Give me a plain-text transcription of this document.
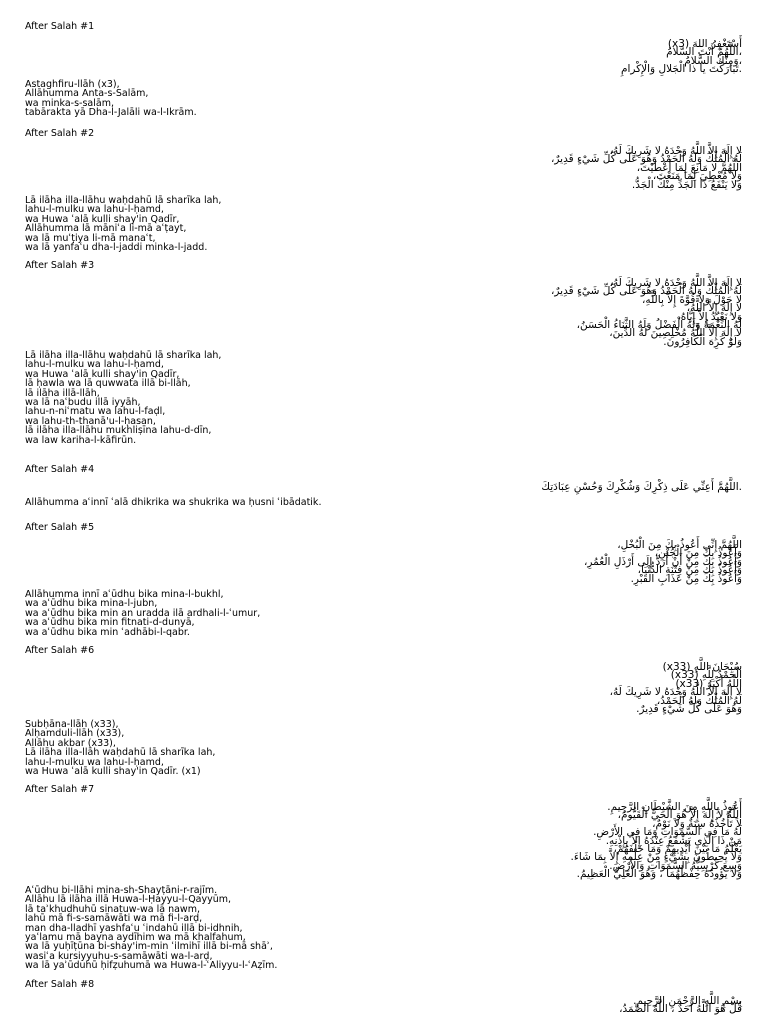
After Salah #1
أَسْتَغْفِرُ اللهَ (x3)
،اللَّهُمَّ أَنْتَ السَّلامُ
،وَمِنْكَ السَّلامُ
.تَبارَكْتَ يا ذا الْجَلالِ وَالْإِكْرامِ
Astaghfiru-llāh (x3),
Allāhumma Anta-s-Salām,
wa minka-s-salām,
tabārakta yā Dha-l-Jalāli wa-l-Ikrām.
After Salah #2
لا إِلَهَ إِلاَّ اللَّهُ وَحْدَهُ لا شَرِيكَ لَهُ،
لَهُ الْمُلْكُ وَلَهُ الْحَمْدُ وَهُوَ عَلَى كُلِّ شَيْءٍ قَدِيرٌ،
اللَّهُمَّ لا مَانِعَ لِمَا أَعْطَيْتَ،
وَلا مُعْطِيَ لِمَا مَنَعْتَ،
وَلا يَنْفَعُ ذَا الْجَدِّ مِنْكَ الْجَدُّ.
Lā ilāha illa-llāhu waḥdahū lā sharīka lah,
lahu-l-mulku wa lahu-l-ḥamd,
wa Huwa ʿalā kulli shay'in Qadīr,
Allāhumma lā māniʿa li-mā aʿṭayt,
wa lā muʿṭiya li-mā manaʿt,
wa lā yanfaʿu dha-l-jaddi minka-l-jadd.
After Salah #3
لا إِلَهَ إِلاَّ اللَّهُ وَحْدَهُ لا شَرِيكَ لَهُ،
لَهُ الْمُلْكُ وَلَهُ الْحَمْدُ وَهُوَ عَلَى كُلِّ شَيْءٍ قَدِيرٌ،
لا حَوْلَ وَلا قُوَّةَ إِلاَّ بِاللَّهِ،
لا إِلَهَ إِلاَّ اللَّهُ،
وَلا نَعْبُدُ إِلاَّ إِيَّاهُ،
لَهُ النِّعْمَةُ وَلَهُ الْفَضْلُ وَلَهُ الثَّنَاءُ الْحَسَنُ،
لا إِلَهَ إِلاَّ اللَّهُ مُخْلِصِينَ لَهُ الدِّينَ،
وَلَوْ كَرِهَ الْكَافِرُونَ.
Lā ilāha illa-llāhu waḥdahū lā sharīka lah,
lahu-l-mulku wa lahu-l-ḥamd,
wa Huwa ʿalā kulli shay'in Qadīr,
lā ḥawla wa lā quwwata illā bi-llāh,
lā ilāha illā-llāh,
wa lā naʿbudu illā iyyāh,
lahu-n-niʿmatu wa lahu-l-faḍl,
wa lahu-th-thanā'u-l-ḥasan,
lā ilāha illa-llāhu mukhliṣīna lahu-d-dīn,
wa law kariha-l-kāfirūn.
After Salah #4
.اللَّهُمَّ أَعِنِّي عَلَى ذِكْرِكَ وَشُكْرِكَ وَحُسْنِ عِبَادَتِكَ
Allāhumma aʿinnī ʿalā dhikrika wa shukrika wa ḥusni ʿibādatik.
After Salah #5
اللَّهُمَّ إِنِّي أَعُوذُ بِكَ مِنَ الْبُخْلِ،
وَأَعُوذُ بِكَ مِنَ الْجُبْنِ،
وَأَعُوذُ بِكَ مِنْ أَنْ أُرَدَّ إِلَى أَرْذَلِ الْعُمُرِ،
وَأَعُوذُ بِكَ مِنْ فِتْنَةِ الدُّنْيَا،
وَأَعُوذُ بِكَ مِنْ عَذَابِ الْقَبْرِ.
Allāhumma innī aʿūdhu bika mina-l-bukhl,
wa aʿūdhu bika mina-l-jubn,
wa aʿūdhu bika min an uradda ilā ardhali-l-ʿumur,
wa aʿūdhu bika min fitnati-d-dunyā,
wa aʿūdhu bika min ʿadhābi-l-qabr.
After Salah #6
سُبْحَانَ اللَّهِ (x33)
الْحَمْدُ لِلَّهِ (x33)
اللَّهُ أَكْبَرُ (x33)
لا إِلَهَ إِلاَّ اللَّهُ وَحْدَهُ لا شَرِيكَ لَهُ،
لَهُ الْمُلْكُ وَلَهُ الْحَمْدُ،
وَهُوَ عَلَى كُلِّ شَيْءٍ قَدِيرٌ.
Subḥāna-llāh (x33),
Alḥamduli-llāh (x33),
Allāhu akbar (x33),
Lā ilāha illa-llāh waḥdahū lā sharīka lah,
lahu-l-mulku wa lahu-l-ḥamd,
wa Huwa ʿalā kulli shay'in Qadīr. (x1)
After Salah #7
أَعُوذُ بِاللَّهِ مِنَ الشَّيْطَانِ الرَّجِيمِ.
اللَّهُ لاَ إِلَهَ إِلاَّ هُوَ الْحَيُّ الْقَيُّومُ،
لاَ تَأْخُذُهُ سِنَةٌ وَلاَ نَوْمٌ،
لَهُ مَا فِي السَّمَوَاتِ وَمَا فِي الأَرْضِ.
مَنْ ذَا الَّذِي يَشْفَعُ عِنْدَهُ إِلاَّ بِإِذْنِهِ.
يَعْلَمُ مَا بَيْنَ أَيْدِيهِمْ وَمَا خَلْفَهُمْ،
وَلاَ يُحِيطُونَ بِشَيْءٍ مِنْ عِلْمِهِ إِلاَّ بِمَا شَاءَ.
وَسِعَ كُرْسِيُّهُ السَّمَوَاتِ وَالأَرْضَ.
وَلاَ يَؤُودُهُ حِفْظُهُمَا ، وَهُوَ الْعَلِيُّ الْعَظِيمُ.
Aʿūdhu bi-llāhi mina-sh-Shayṭāni-r-rajīm.
Allāhu lā ilāha illā Huwa-l-Ḥayyu-l-Qayyūm,
lā taʾkhudhuhū sinatuw-wa lā nawm,
lahū mā fi-s-samāwāti wa mā fi-l-arḍ,
man dha-lladhī yashfaʿu ʿindahū illā bi-idhnih,
yaʿlamu mā bayna aydīhim wa mā khalfahum,
wa lā yuḥīṭūna bi-shay'im-min ʿilmihī illā bi-mā shāʾ,
wasiʿa kursiyyuhu-s-samāwāti wa-l-arḍ,
wa lā yaʾūduhū ḥifẓuhumā wa Huwa-l-ʿAliyyu-l-ʿAẓīm.
After Salah #8
بِسْمِ اللَّهِ الرَّحْمَنِ الرَّحِيمِ.
قُلْ هُوَ اللَّهُ أَحَدٌ ، اللَّهُ الصَّمَدُ،
